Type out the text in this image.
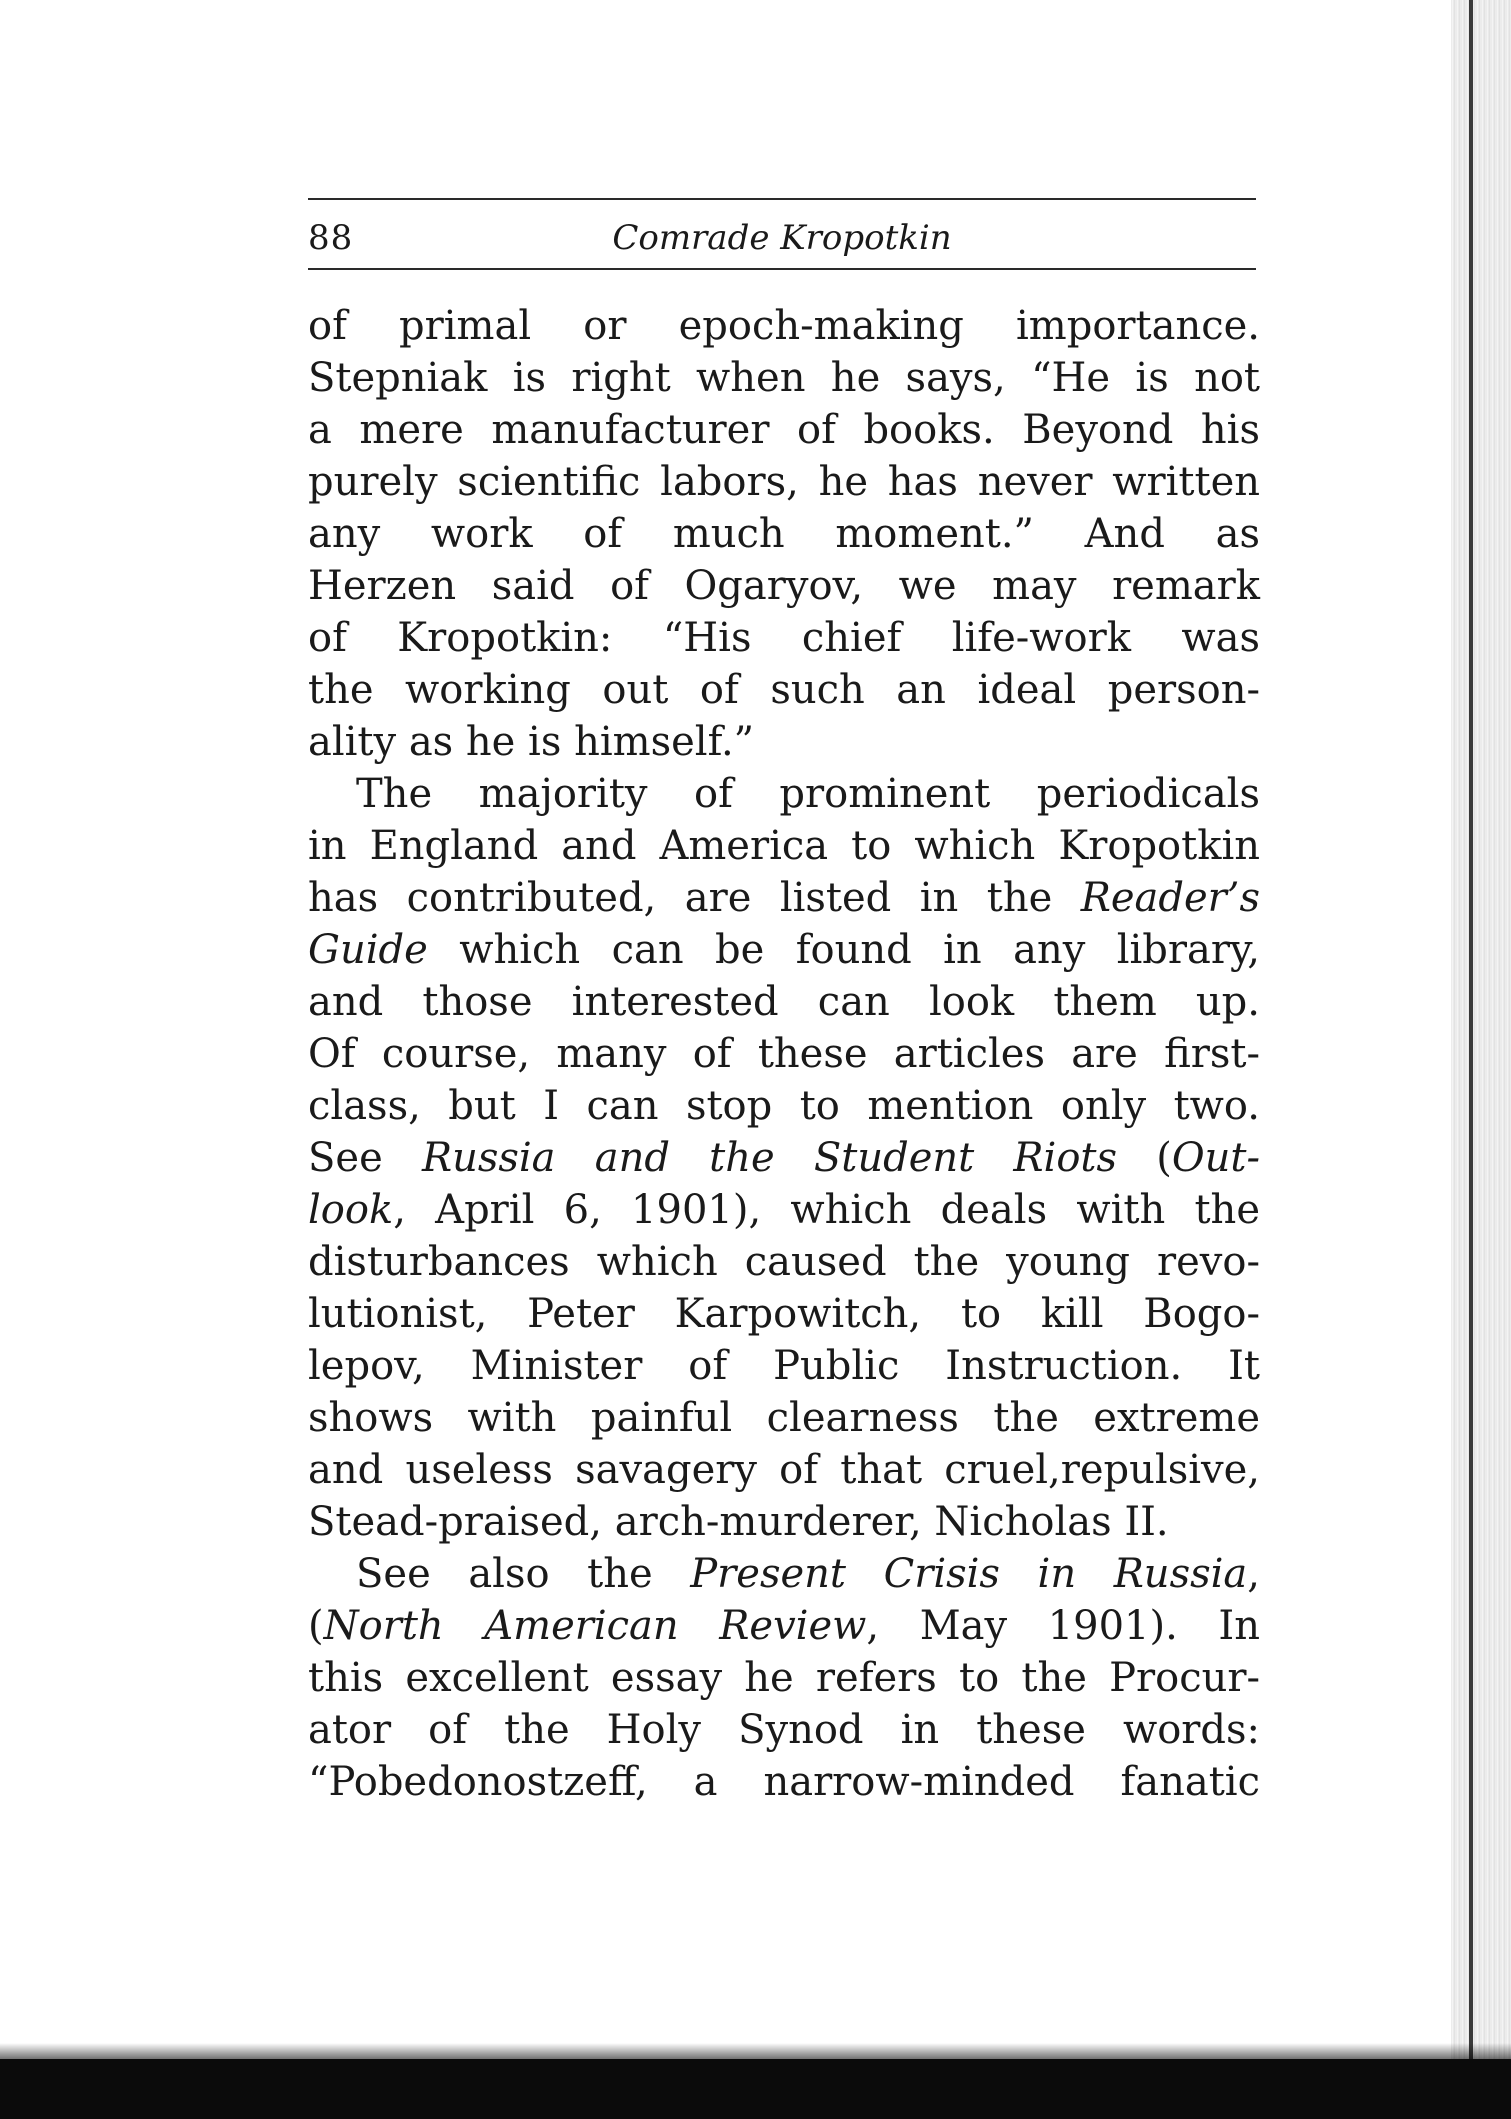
88	Comrade Kropotkin
of primal or epoch-making importance.
Stepniak is right when he says, “He is not
a mere manufacturer of books. Beyond his
purely scientific labors, he has never written
any work of much moment.” And as
Herzen said of Ogaryov, we may remark
of Kropotkin: “His chief life-work was
the working out of such an ideal person-
ality as he is himself.”
The majority of prominent periodicals
in England and America to which Kropotkin
has contributed, are listed in the Reader’s
Guide which can be found in any library,
and those interested can look them up.
Of course, many of these articles are first-
class, but I can stop to mention only two.
See Russia and the Student Riots (Out-
look, April 6, 1901), which deals with the
disturbances which caused the young revo-
lutionist, Peter Karpowitch, to kill Bogo-
lepov, Minister of Public Instruction. It
shows with painful clearness the extreme
and useless savagery of that cruel,repulsive,
Stead-praised, arch-murderer, Nicholas II.
See also the Present Crisis in Russia,
(North American Review, May 1901). In
this excellent essay he refers to the Procur-
ator of the Holy Synod in these words:
“Pobedonostzeff, a narrow-minded fanatic
